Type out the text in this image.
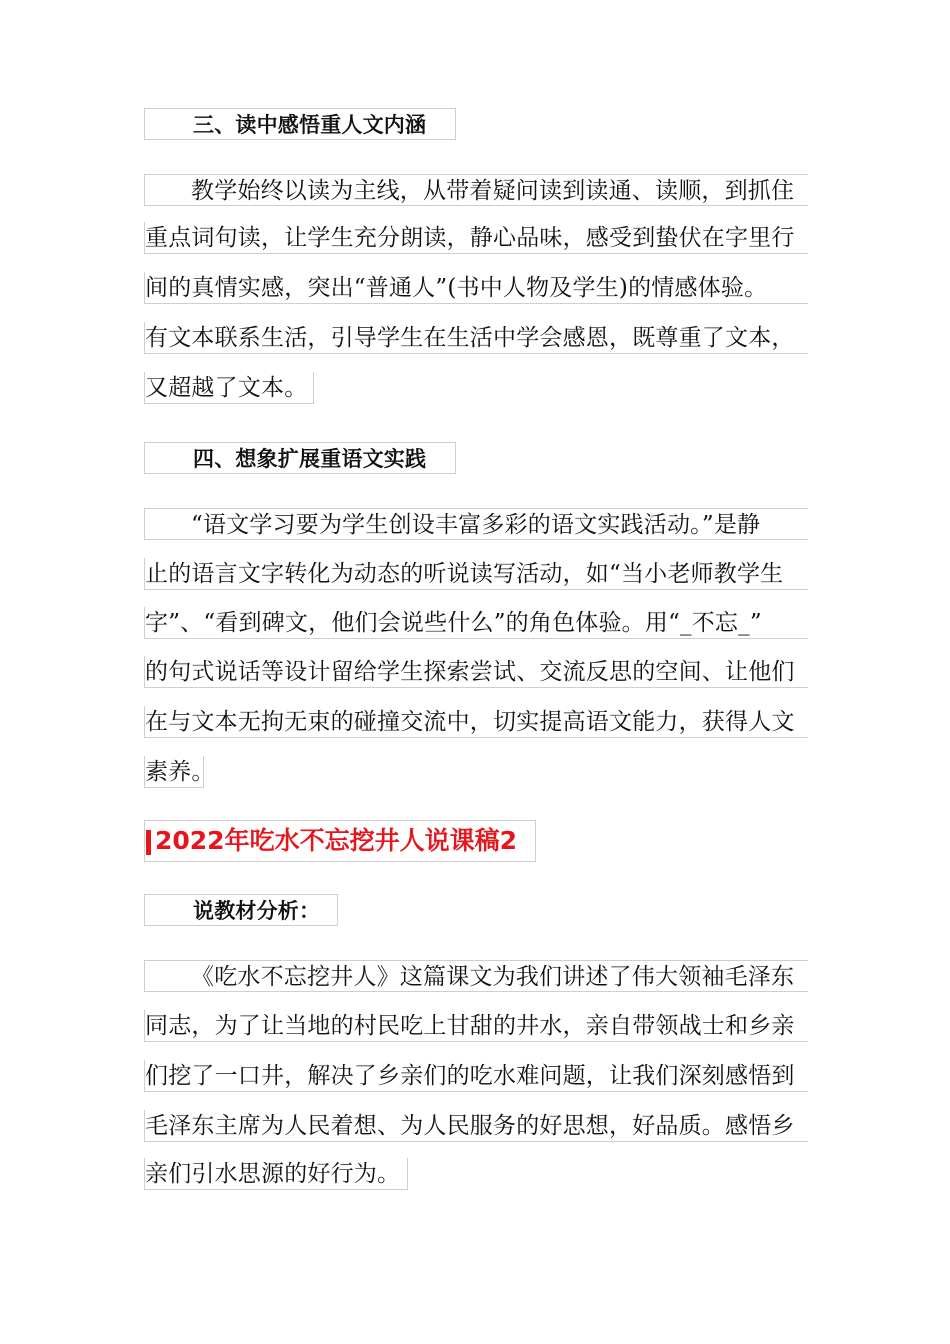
三、读中感悟重人文内涵
教学始终以读为主线，从带着疑问读到读通、读顺，到抓住
重点词句读，让学生充分朗读，静心品味，感受到蛰伏在字里行
间的真情实感，突出“普通人”(书中人物及学生)的情感体验。
有文本联系生活，引导学生在生活中学会感恩，既尊重了文本，
又超越了文本。
四、想象扩展重语文实践
“语文学习要为学生创设丰富多彩的语文实践活动。”是静
止的语言文字转化为动态的听说读写活动，如“当小老师教学生
字”、“看到碑文，他们会说些什么”的角色体验。用“_不忘_”
的句式说话等设计留给学生探索尝试、交流反思的空间、让他们
在与文本无拘无束的碰撞交流中，切实提高语文能力，获得人文
素养。
2022年吃水不忘挖井人说课稿2
说教材分析：
《吃水不忘挖井人》这篇课文为我们讲述了伟大领袖毛泽东
同志，为了让当地的村民吃上甘甜的井水，亲自带领战士和乡亲
们挖了一口井，解决了乡亲们的吃水难问题，让我们深刻感悟到
毛泽东主席为人民着想、为人民服务的好思想，好品质。感悟乡
亲们引水思源的好行为。
